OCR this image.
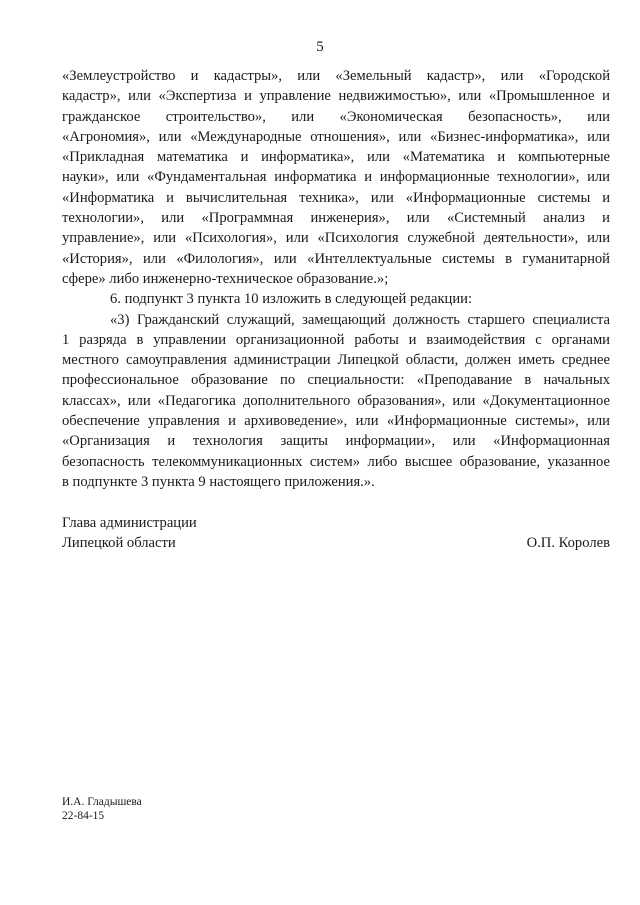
5
«Землеустройство и кадастры», или «Земельный кадастр», или «Городской
кадастр», или «Экспертиза и управление недвижимостью», или «Промышленное и
гражданское строительство», или «Экономическая безопасность», или
«Агрономия», или «Международные отношения», или «Бизнес-информатика», или
«Прикладная математика и информатика», или «Математика и компьютерные
науки», или «Фундаментальная информатика и информационные технологии», или
«Информатика и вычислительная техника», или «Информационные системы и
технологии», или «Программная инженерия», или «Системный анализ и
управление», или «Психология», или «Психология служебной деятельности», или
«История», или «Филология», или «Интеллектуальные системы в гуманитарной
сфере» либо инженерно-техническое образование.»;
6. подпункт 3 пункта 10 изложить в следующей редакции:
«3) Гражданский служащий, замещающий должность старшего специалиста
1 разряда в управлении организационной работы и взаимодействия с органами
местного самоуправления администрации Липецкой области, должен иметь среднее
профессиональное образование по специальности: «Преподавание в начальных
классах», или «Педагогика дополнительного образования», или «Документационное
обеспечение управления и архивоведение», или «Информационные системы», или
«Организация и технология защиты информации», или «Информационная
безопасность телекоммуникационных систем» либо высшее образование, указанное
в подпункте 3 пункта 9 настоящего приложения.».
Глава администрации
Липецкой области	О.П. Королев
И.А. Гладышева
22-84-15
